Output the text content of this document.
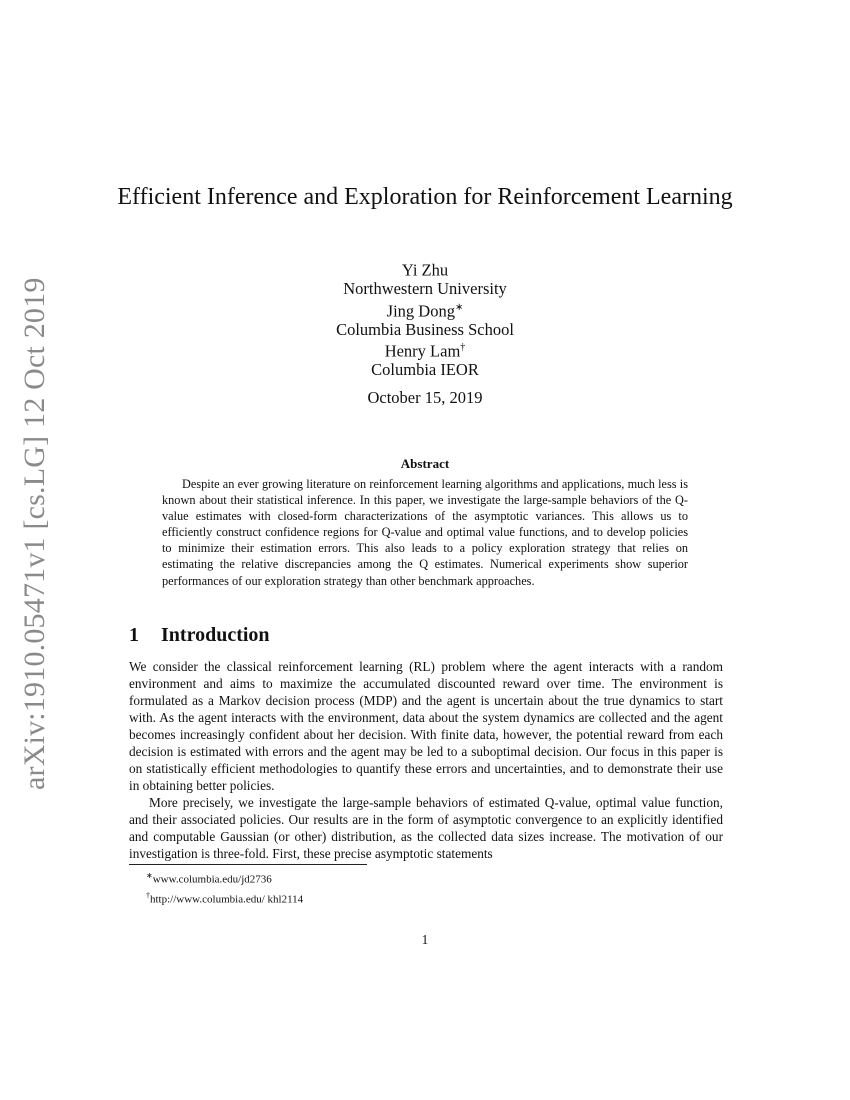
arXiv:1910.05471v1 [cs.LG] 12 Oct 2019
Efficient Inference and Exploration for Reinforcement Learning
Yi Zhu
Northwestern University
Jing Dong∗
Columbia Business School
Henry Lam†
Columbia IEOR
October 15, 2019
Abstract
Despite an ever growing literature on reinforcement learning algorithms and applications, much less is known about their statistical inference. In this paper, we investigate the large-sample behaviors of the Q-value estimates with closed-form characterizations of the asymptotic variances. This allows us to efficiently construct confidence regions for Q-value and optimal value functions, and to develop policies to minimize their estimation errors. This also leads to a policy exploration strategy that relies on estimating the relative discrepancies among the Q estimates. Numerical experiments show superior performances of our exploration strategy than other benchmark approaches.
1 Introduction

We consider the classical reinforcement learning (RL) problem where the agent interacts with a random environment and aims to maximize the accumulated discounted reward over time. The environment is formulated as a Markov decision process (MDP) and the agent is uncertain about the true dynamics to start with. As the agent interacts with the environment, data about the system dynamics are collected and the agent becomes increasingly confident about her decision. With finite data, however, the potential reward from each decision is estimated with errors and the agent may be led to a suboptimal decision. Our focus in this paper is on statistically efficient methodologies to quantify these errors and uncertainties, and to demonstrate their use in obtaining better policies.

More precisely, we investigate the large-sample behaviors of estimated Q-value, optimal value function, and their associated policies. Our results are in the form of asymptotic convergence to an explicitly identified and computable Gaussian (or other) distribution, as the collected data sizes increase. The motivation of our investigation is three-fold. First, these precise asymptotic statements

∗www.columbia.edu/jd2736
†http://www.columbia.edu/ khl2114
1
